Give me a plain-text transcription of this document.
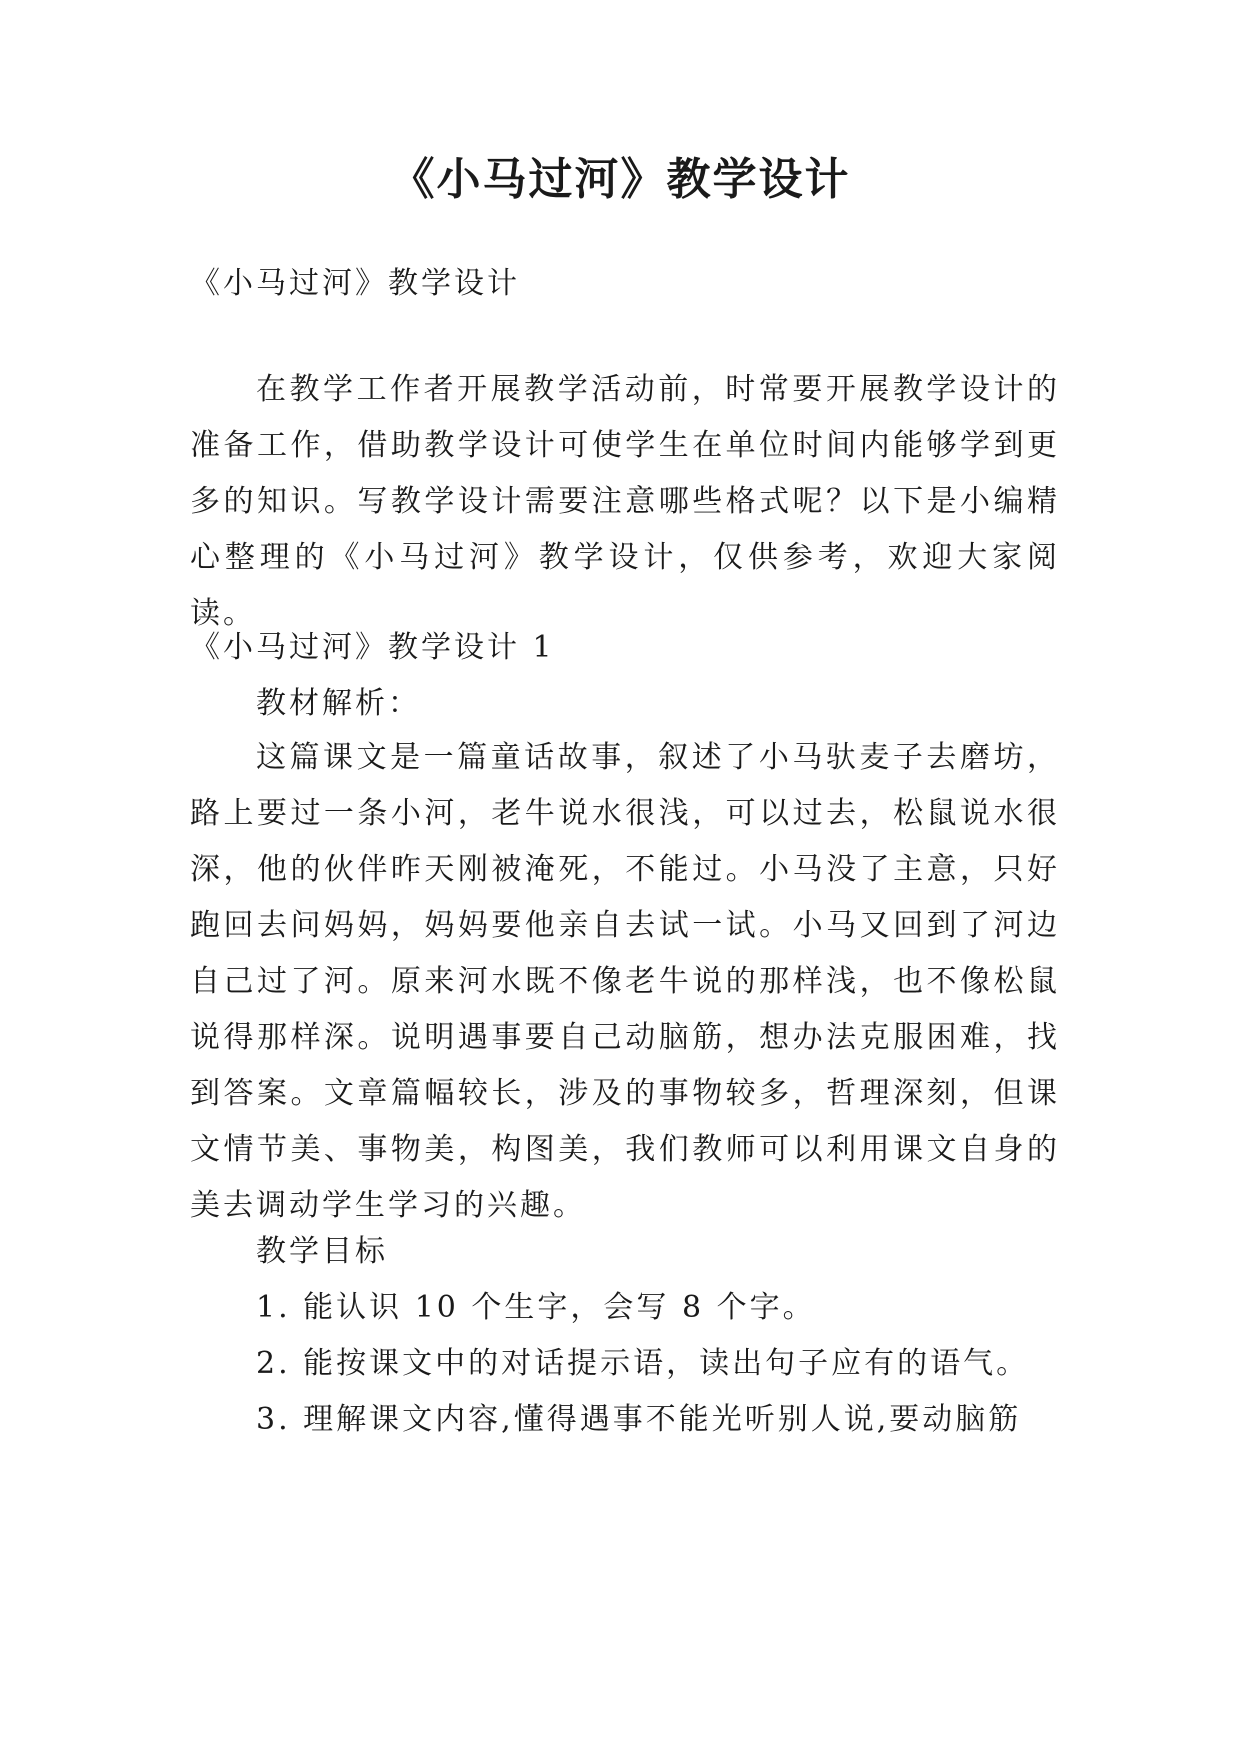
《小马过河》教学设计
《小马过河》教学设计

在教学工作者开展教学活动前，时常要开展教学设计的准备工作，借助教学设计可使学生在单位时间内能够学到更多的知识。写教学设计需要注意哪些格式呢？以下是小编精心整理的《小马过河》教学设计，仅供参考，欢迎大家阅读。

《小马过河》教学设计 1
教材解析：

这篇课文是一篇童话故事，叙述了小马驮麦子去磨坊，路上要过一条小河，老牛说水很浅，可以过去，松鼠说水很深，他的伙伴昨天刚被淹死，不能过。小马没了主意，只好跑回去问妈妈，妈妈要他亲自去试一试。小马又回到了河边自己过了河。原来河水既不像老牛说的那样浅，也不像松鼠说得那样深。说明遇事要自己动脑筋，想办法克服困难，找到答案。文章篇幅较长，涉及的事物较多，哲理深刻，但课文情节美、事物美，构图美，我们教师可以利用课文自身的美去调动学生学习的兴趣。

教学目标
1. 能认识 10 个生字，会写 8 个字。
2. 能按课文中的对话提示语，读出句子应有的语气。
3. 理解课文内容,懂得遇事不能光听别人说,要动脑筋
